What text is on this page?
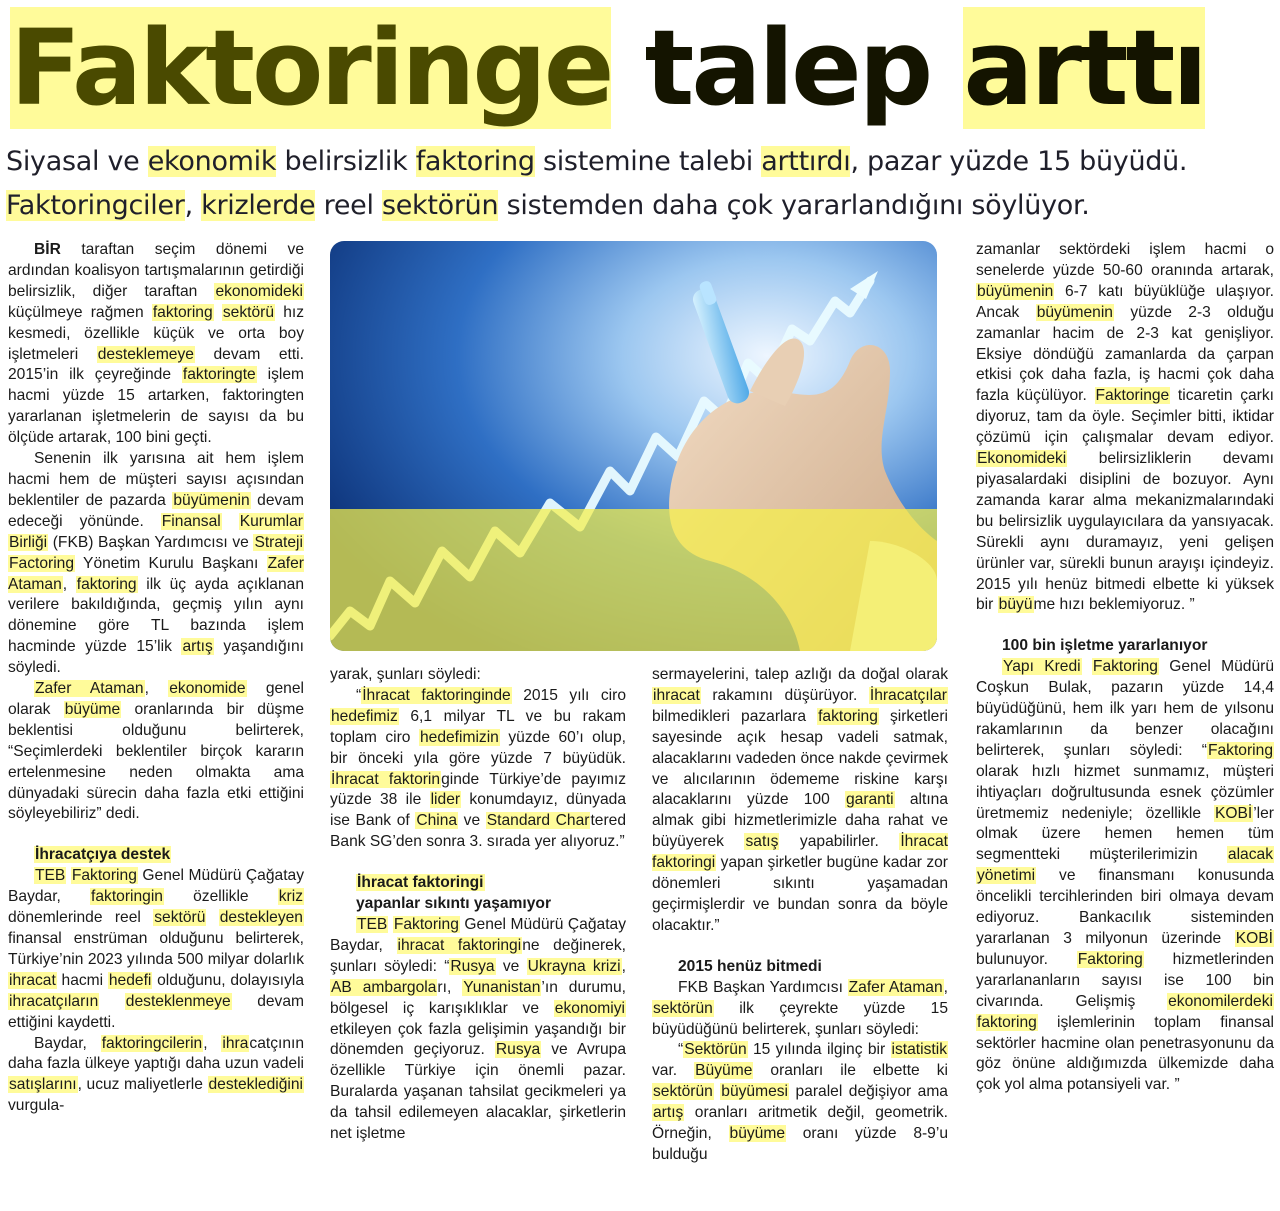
Faktoringe talep arttı

Siyasal ve ekonomik belirsizlik faktoring sistemine talebi arttırdı, pazar yüzde 15 büyüdü.

Faktoringciler, krizlerde reel sektörün sistemden daha çok yararlandığını söylüyor.

BİR taraftan seçim dönemi ve ardından koalisyon tartışmalarının getirdiği belirsizlik, diğer taraftan ekonomideki küçülmeye rağmen faktoring sektörü hız kesmedi, özellikle küçük ve orta boy işletmeleri desteklemeye devam etti. 2015’in ilk çeyreğinde faktoringte işlem hacmi yüzde 15 artarken, faktoringten yararlanan işletmelerin de sayısı da bu ölçüde artarak, 100 bini geçti.

Senenin ilk yarısına ait hem işlem hacmi hem de müşteri sayısı açısından beklentiler de pazarda büyümenin devam edeceği yönünde. Finansal Kurumlar Birliği (FKB) Başkan Yardımcısı ve Strateji Factoring Yönetim Kurulu Başkanı Zafer Ataman, faktoring ilk üç ayda açıklanan verilere bakıldığında, geçmiş yılın aynı dönemine göre TL bazında işlem hacminde yüzde 15’lik artış yaşandığını söyledi.

Zafer Ataman, ekonomide genel olarak büyüme oranlarında bir düşme beklentisi olduğunu belirterek, “Seçimlerdeki beklentiler birçok kararın ertelenmesine neden olmakta ama dünyadaki sürecin daha fazla etki ettiğini söyleyebiliriz” dedi.

İhracatçıya destek

TEB Faktoring Genel Müdürü Çağatay Baydar, faktoringin özellikle kriz dönemlerinde reel sektörü destekleyen finansal enstrüman olduğunu belirterek, Türkiye’nin 2023 yılında 500 milyar dolarlık ihracat hacmi hedefi olduğunu, dolayısıyla ihracatçıların desteklenmeye devam ettiğini kaydetti.

Baydar, faktoringcilerin, ihracatçının daha fazla ülkeye yaptığı daha uzun vadeli satışlarını, ucuz maliyetlerle desteklediğini vurgula-

yarak, şunları söyledi:

“İhracat faktoringinde 2015 yılı ciro hedefimiz 6,1 milyar TL ve bu rakam toplam ciro hedefimizin yüzde 60’ı olup, bir önceki yıla göre yüzde 7 büyüdük. İhracat faktoringinde Türkiye’de payımız yüzde 38 ile lider konumdayız, dünyada ise Bank of China ve Standard Chartered Bank SG’den sonra 3. sırada yer alıyoruz.”

İhracat faktoringi
yapanlar sıkıntı yaşamıyor

TEB Faktoring Genel Müdürü Çağatay Baydar, ihracat faktoringine değinerek, şunları söyledi: “Rusya ve Ukrayna krizi, AB ambargoları, Yunanistan’ın durumu, bölgesel iç karışıklıklar ve ekonomiyi etkileyen çok fazla gelişimin yaşandığı bir dönemden geçiyoruz. Rusya ve Avrupa özellikle Türkiye için önemli pazar. Buralarda yaşanan tahsilat gecikmeleri ya da tahsil edilemeyen alacaklar, şirketlerin net işletme

sermayelerini, talep azlığı da doğal olarak ihracat rakamını düşürüyor. İhracatçılar bilmedikleri pazarlara faktoring şirketleri sayesinde açık hesap vadeli satmak, alacaklarını vadeden önce nakde çevirmek ve alıcılarının ödememe riskine karşı alacaklarını yüzde 100 garanti altına almak gibi hizmetlerimizle daha rahat ve büyüyerek satış yapabilirler. İhracat faktoringi yapan şirketler bugüne kadar zor dönemleri sıkıntı yaşamadan geçirmişlerdir ve bundan sonra da böyle olacaktır.”

2015 henüz bitmedi

FKB Başkan Yardımcısı Zafer Ataman, sektörün ilk çeyrekte yüzde 15 büyüdüğünü belirterek, şunları söyledi:

“Sektörün 15 yılında ilginç bir istatistik var. Büyüme oranları ile elbette ki sektörün büyümesi paralel değişiyor ama artış oranları aritmetik değil, geometrik. Örneğin, büyüme oranı yüzde 8-9’u bulduğu

zamanlar sektördeki işlem hacmi o senelerde yüzde 50-60 oranında artarak, büyümenin 6-7 katı büyüklüğe ulaşıyor. Ancak büyümenin yüzde 2-3 olduğu zamanlar hacim de 2-3 kat genişliyor. Eksiye döndüğü zamanlarda da çarpan etkisi çok daha fazla, iş hacmi çok daha fazla küçülüyor. Faktoringe ticaretin çarkı diyoruz, tam da öyle. Seçimler bitti, iktidar çözümü için çalışmalar devam ediyor. Ekonomideki belirsizliklerin devamı piyasalardaki disiplini de bozuyor. Aynı zamanda karar alma mekanizmalarındaki bu belirsizlik uygulayıcılara da yansıyacak. Sürekli aynı duramayız, yeni gelişen ürünler var, sürekli bunun arayışı içindeyiz. 2015 yılı henüz bitmedi elbette ki yüksek bir büyüme hızı beklemiyoruz. ”

100 bin işletme yararlanıyor

Yapı Kredi Faktoring Genel Müdürü Coşkun Bulak, pazarın yüzde 14,4 büyüdüğünü, hem ilk yarı hem de yılsonu rakamlarının da benzer olacağını belirterek, şunları söyledi: “Faktoring olarak hızlı hizmet sunmamız, müşteri ihtiyaçları doğrultusunda esnek çözümler üretmemiz nedeniyle; özellikle KOBİ’ler olmak üzere hemen hemen tüm segmentteki müşterilerimizin alacak yönetimi ve finansmanı konusunda öncelikli tercihlerinden biri olmaya devam ediyoruz. Bankacılık sisteminden yararlanan 3 milyonun üzerinde KOBİ bulunuyor. Faktoring hizmetlerinden yararlananların sayısı ise 100 bin civarında. Gelişmiş ekonomilerdeki faktoring işlemlerinin toplam finansal sektörler hacmine olan penetrasyonunu da göz önüne aldığımızda ülkemizde daha çok yol alma potansiyeli var. ”
